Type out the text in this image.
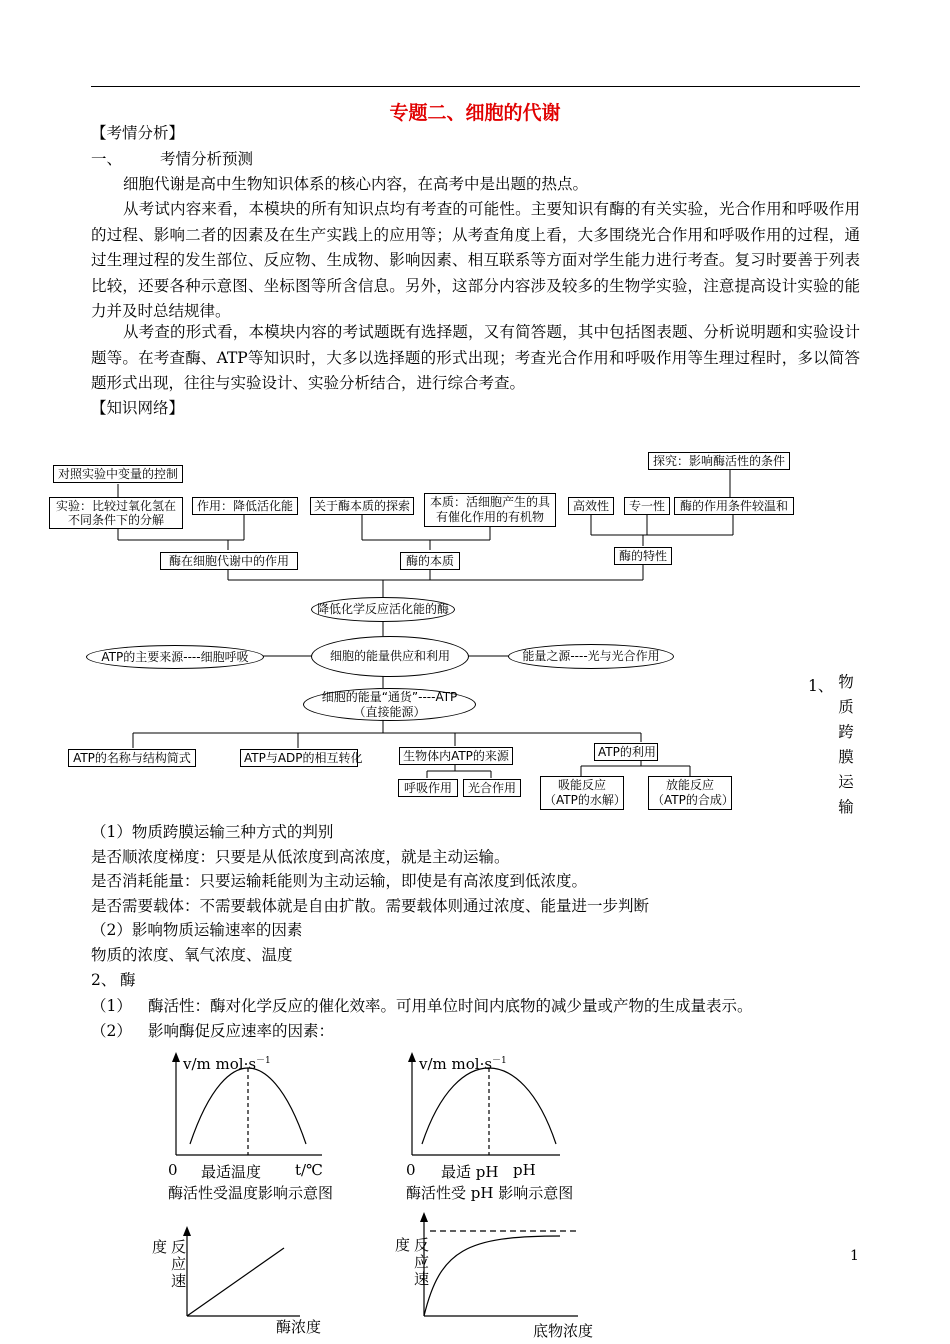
专题二、细胞的代谢
【考情分析】
一、 考情分析预测
细胞代谢是高中生物知识体系的核心内容，在高考中是出题的热点。
从考试内容来看，本模块的所有知识点均有考查的可能性。主要知识有酶的有关实验，光合作用和呼吸作用的过程、影响二者的因素及在生产实践上的应用等；从考查角度上看，大多围绕光合作用和呼吸作用的过程，通过生理过程的发生部位、反应物、生成物、影响因素、相互联系等方面对学生能力进行考查。复习时要善于列表比较，还要各种示意图、坐标图等所含信息。另外，这部分内容涉及较多的生物学实验，注意提高设计实验的能力并及时总结规律。
从考查的形式看，本模块内容的考试题既有选择题，又有简答题，其中包括图表题、分析说明题和实验设计题等。在考查酶、ATP等知识时，大多以选择题的形式出现；考查光合作用和呼吸作用等生理过程时，多以简答题形式出现，往往与实验设计、实验分析结合，进行综合考查。
【知识网络】
对照实验中变量的控制
探究：影响酶活性的条件
实验：比较过氧化氢在不同条件下的分解
作用：降低活化能	关于酶本质的探索	本质：活细胞产生的具有催化作用的有机物
高效性	专一性	酶的作用条件较温和
酶在细胞代谢中的作用	酶的本质	酶的特性
降低化学反应活化能的酶
ATP的主要来源----细胞呼吸	细胞的能量供应和利用	能量之源----光与光合作用
细胞的能量“通货”----ATP
（直接能源）
ATP的名称与结构简式	ATP与ADP的相互转化	生物体内ATP的来源	ATP的利用
呼吸作用	光合作用	吸能反应
（ATP的水解）
放能反应
（ATP的合成）
1、 物质跨膜运输
（1）物质跨膜运输三种方式的判别
是否顺浓度梯度：只要是从低浓度到高浓度，就是主动运输。
是否消耗能量：只要运输耗能则为主动运输，即使是有高浓度到低浓度。
是否需要载体：不需要载体就是自由扩散。需要载体则通过浓度、能量进一步判断
（2）影响物质运输速率的因素
物质的浓度、氧气浓度、温度
2、 酶
（1） 酶活性：酶对化学反应的催化效率。可用单位时间内底物的减少量或产物的生成量表示。
（2） 影响酶促反应速率的因素：
v/m $mol\cdot s^{-1}$
0 最适温度 t/℃
酶活性受温度影响示意图
v/m $mol\cdot s^{-1}$
0 最适 pH pH
酶活性受 pH 影响示意图
度 反
应
速
酶浓度
度 反
应
速
底物浓度
1
